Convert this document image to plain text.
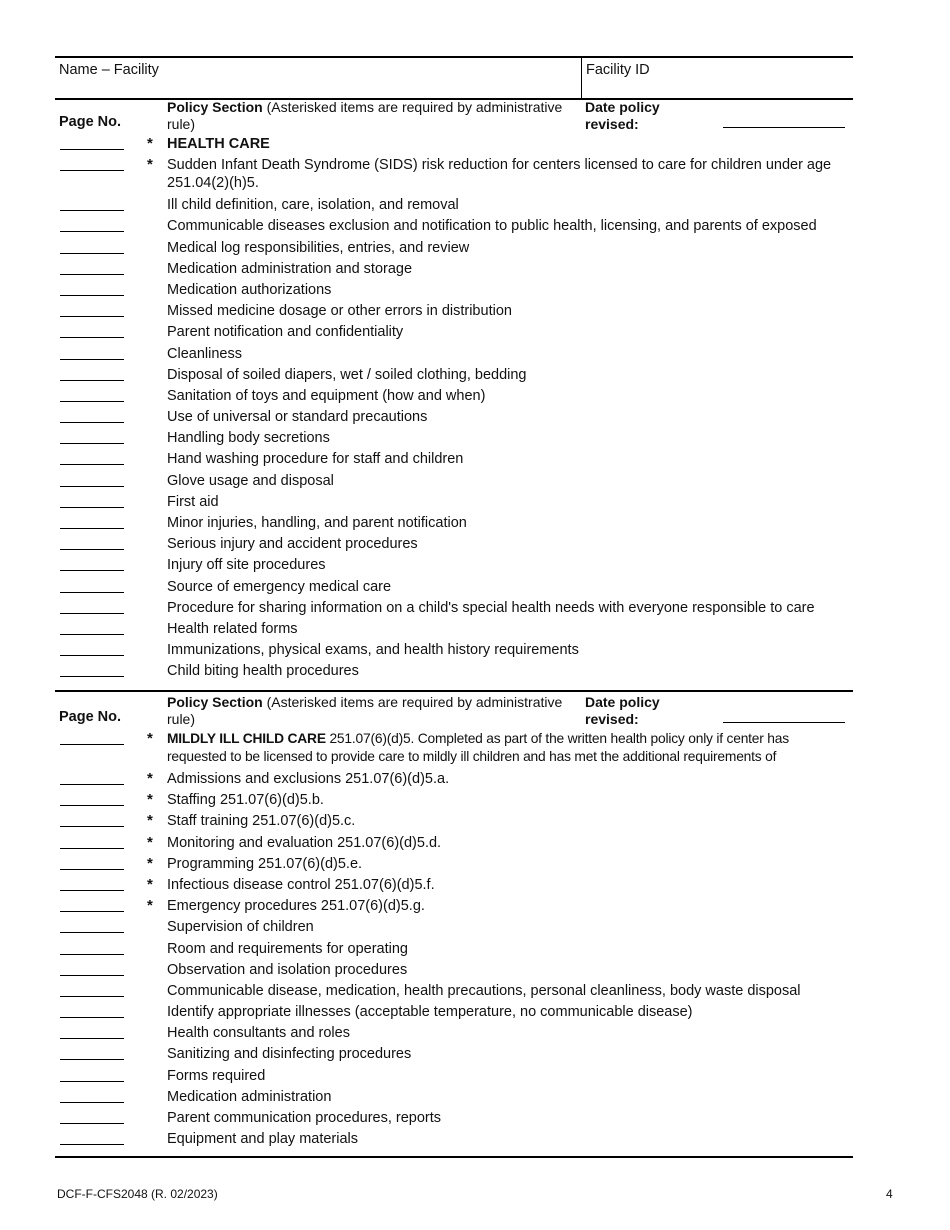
Name – Facility	Facility ID
Page No.
Policy Section (Asterisked items are required by administrative rule)
Date policy revised:
* HEALTH CARE
* Sudden Infant Death Syndrome (SIDS) risk reduction for centers licensed to care for children under age 251.04(2)(h)5.
Ill child definition, care, isolation, and removal
Communicable diseases exclusion and notification to public health, licensing, and parents of exposed
Medical log responsibilities, entries, and review
Medication administration and storage
Medication authorizations
Missed medicine dosage or other errors in distribution
Parent notification and confidentiality
Cleanliness
Disposal of soiled diapers, wet / soiled clothing, bedding
Sanitation of toys and equipment (how and when)
Use of universal or standard precautions
Handling body secretions
Hand washing procedure for staff and children
Glove usage and disposal
First aid
Minor injuries, handling, and parent notification
Serious injury and accident procedures
Injury off site procedures
Source of emergency medical care
Procedure for sharing information on a child's special health needs with everyone responsible to care
Health related forms
Immunizations, physical exams, and health history requirements
Child biting health procedures
Page No.
Policy Section (Asterisked items are required by administrative rule)
Date policy revised:
* MILDLY ILL CHILD CARE 251.07(6)(d)5. Completed as part of the written health policy only if center has requested to be licensed to provide care to mildly ill children and has met the additional requirements of
* Admissions and exclusions 251.07(6)(d)5.a.
* Staffing 251.07(6)(d)5.b.
* Staff training 251.07(6)(d)5.c.
* Monitoring and evaluation 251.07(6)(d)5.d.
* Programming 251.07(6)(d)5.e.
* Infectious disease control 251.07(6)(d)5.f.
* Emergency procedures 251.07(6)(d)5.g.
Supervision of children
Room and requirements for operating
Observation and isolation procedures
Communicable disease, medication, health precautions, personal cleanliness, body waste disposal
Identify appropriate illnesses (acceptable temperature, no communicable disease)
Health consultants and roles
Sanitizing and disinfecting procedures
Forms required
Medication administration
Parent communication procedures, reports
Equipment and play materials
DCF-F-CFS2048 (R. 02/2023)	4
